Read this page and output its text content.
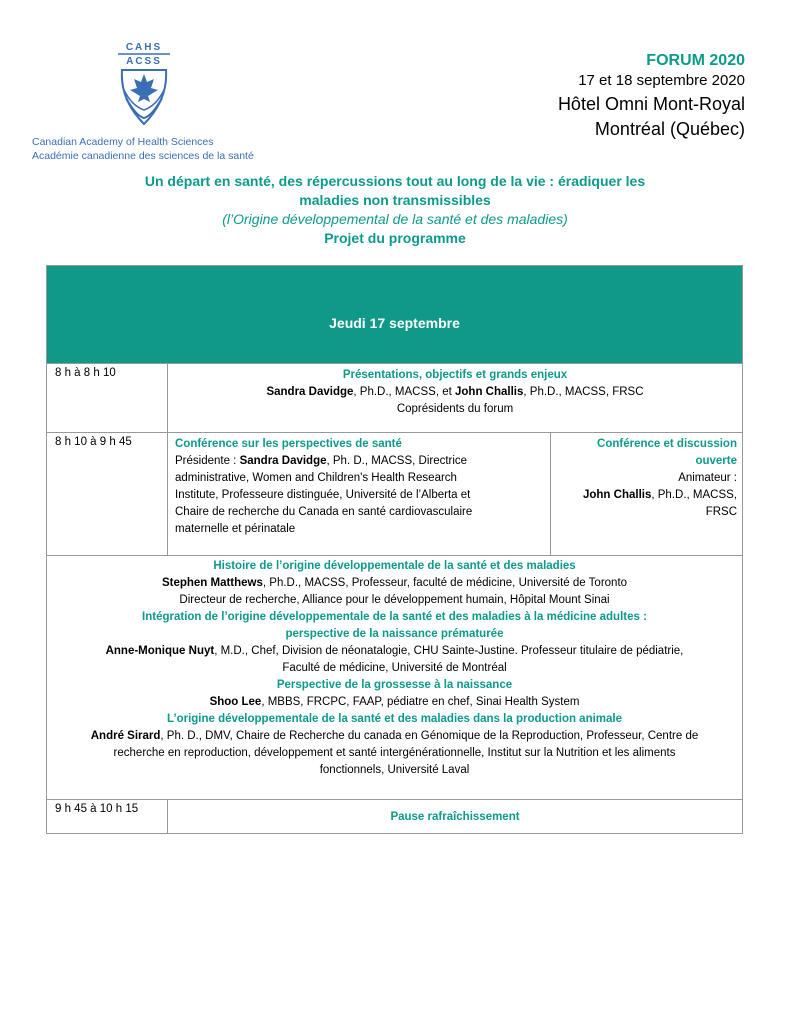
CAHS
ACSS
Canadian Academy of Health Sciences
Académie canadienne des sciences de la santé
FORUM 2020
17 et 18 septembre 2020
Hôtel Omni Mont-Royal
Montréal (Québec)
Un départ en santé, des répercussions tout au long de la vie : éradiquer les
maladies non transmissibles
(l’Origine développemental de la santé et des maladies)
Projet du programme
Jeudi 17 septembre
8 h à 8 h 10	Présentations, objectifs et grands enjeux
Sandra Davidge, Ph.D., MACSS, et John Challis, Ph.D., MACSS, FRSC
Coprésidents du forum
8 h 10 à 9 h 45	Conférence sur les perspectives de santé
Présidente : Sandra Davidge, Ph. D., MACSS, Directrice
administrative, Women and Children's Health Research
Institute, Professeure distinguée, Université de l’Alberta et
Chaire de recherche du Canada en santé cardiovasculaire
maternelle et périnatale
Conférence et discussion
ouverte
Animateur :
John Challis, Ph.D., MACSS,
FRSC
Histoire de l’origine développementale de la santé et des maladies
Stephen Matthews, Ph.D., MACSS, Professeur, faculté de médicine, Université de Toronto
Directeur de recherche, Alliance pour le développement humain, Hôpital Mount Sinai
Intégration de l’origine développementale de la santé et des maladies à la médicine adultes :
perspective de la naissance prématurée
Anne-Monique Nuyt, M.D., Chef, Division de néonatalogie, CHU Sainte-Justine. Professeur titulaire de pédiatrie,
Faculté de médicine, Université de Montréal
Perspective de la grossesse à la naissance
Shoo Lee, MBBS, FRCPC, FAAP, pédiatre en chef, Sinai Health System
L’origine développementale de la santé et des maladies dans la production animale
André Sirard, Ph. D., DMV, Chaire de Recherche du canada en Génomique de la Reproduction, Professeur, Centre de
recherche en reproduction, développement et santé intergénérationnelle, Institut sur la Nutrition et les aliments
fonctionnels, Université Laval
9 h 45 à 10 h 15
Pause rafraîchissement
